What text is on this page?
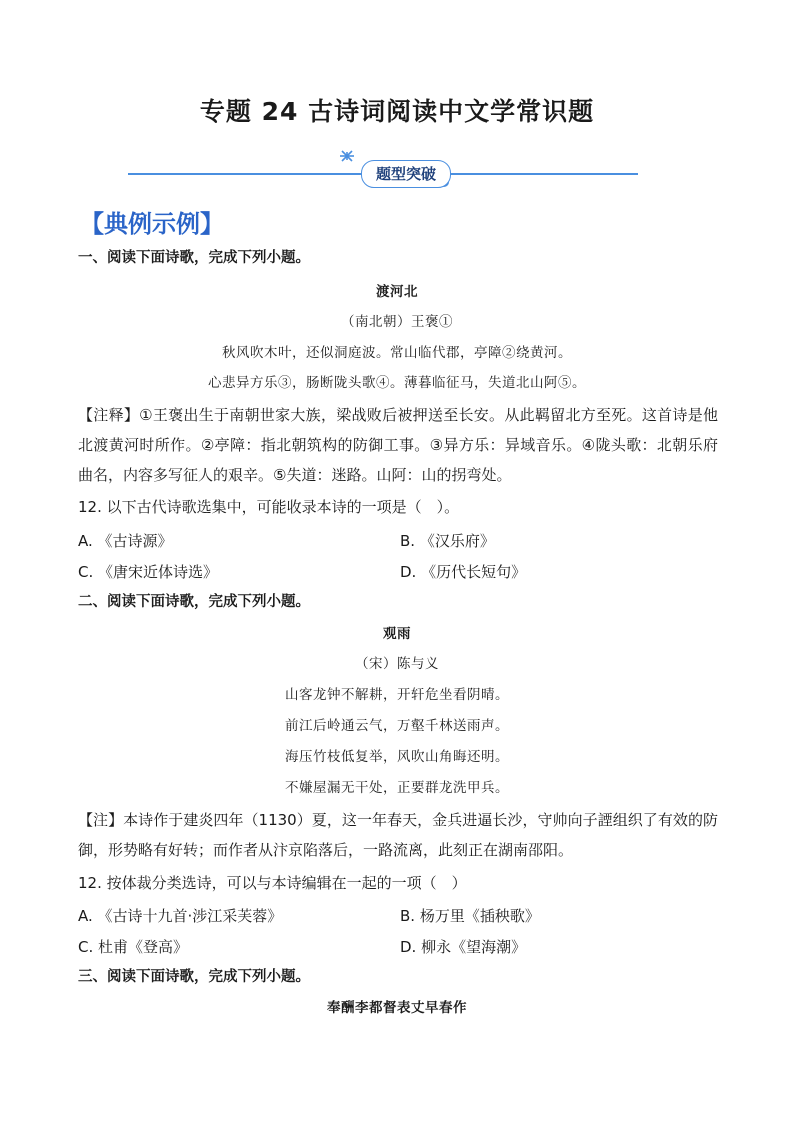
专题 24 古诗词阅读中文学常识题
题型突破
【典例示例】
一、阅读下面诗歌，完成下列小题。
渡河北
（南北朝）王褒①
秋风吹木叶，还似洞庭波。常山临代郡，亭障②绕黄河。
心悲异方乐③，肠断陇头歌④。薄暮临征马，失道北山阿⑤。
【注释】①王褒出生于南朝世家大族，梁战败后被押送至长安。从此羁留北方至死。这首诗是他北渡黄河时所作。②亭障：指北朝筑构的防御工事。③异方乐：异域音乐。④陇头歌：北朝乐府曲名，内容多写征人的艰辛。⑤失道：迷路。山阿：山的拐弯处。
12. 以下古代诗歌选集中，可能收录本诗的一项是（　）。
A. 《古诗源》	B. 《汉乐府》
C. 《唐宋近体诗选》	D. 《历代长短句》
二、阅读下面诗歌，完成下列小题。
观雨
（宋）陈与义
山客龙钟不解耕，开轩危坐看阴晴。
前江后岭通云气，万壑千林送雨声。
海压竹枝低复举，风吹山角晦还明。
不嫌屋漏无干处，正要群龙洗甲兵。
【注】本诗作于建炎四年（1130）夏，这一年春天，金兵进逼长沙，守帅向子諲组织了有效的防御，形势略有好转；而作者从汴京陷落后，一路流离，此刻正在湖南邵阳。
12. 按体裁分类选诗，可以与本诗编辑在一起的一项（　）
A. 《古诗十九首·涉江采芙蓉》	B. 杨万里《插秧歌》
C. 杜甫《登高》	D. 柳永《望海潮》
三、阅读下面诗歌，完成下列小题。
奉酬李都督表丈早春作
